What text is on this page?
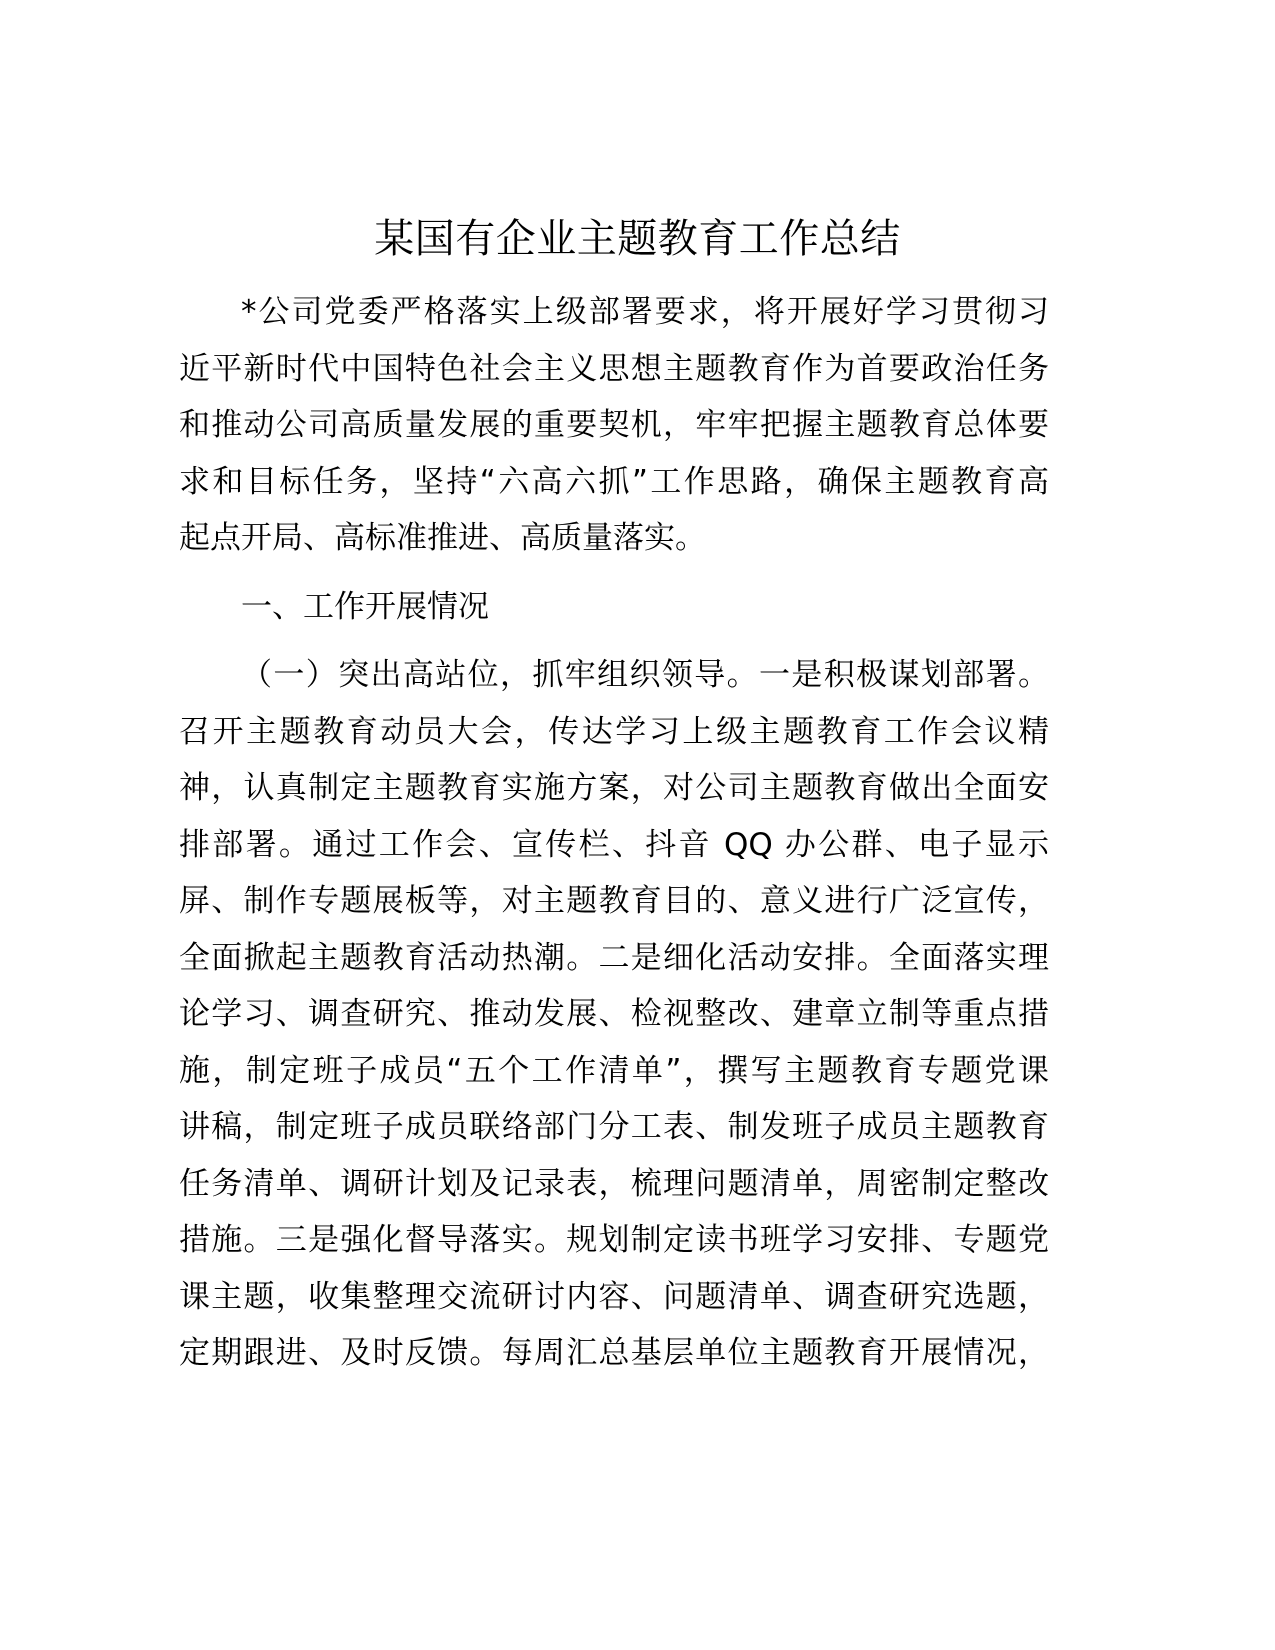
某国有企业主题教育工作总结
*公司党委严格落实上级部署要求，将开展好学习贯彻习
近平新时代中国特色社会主义思想主题教育作为首要政治任务
和推动公司高质量发展的重要契机，牢牢把握主题教育总体要
求和目标任务，坚持“六高六抓”工作思路，确保主题教育高
起点开局、高标准推进、高质量落实。
一、工作开展情况
（一）突出高站位，抓牢组织领导。一是积极谋划部署。
召开主题教育动员大会，传达学习上级主题教育工作会议精
神，认真制定主题教育实施方案，对公司主题教育做出全面安
排部署。通过工作会、宣传栏、抖音 QQ 办公群、电子显示
屏、制作专题展板等，对主题教育目的、意义进行广泛宣传，
全面掀起主题教育活动热潮。二是细化活动安排。全面落实理
论学习、调查研究、推动发展、检视整改、建章立制等重点措
施，制定班子成员“五个工作清单”，撰写主题教育专题党课
讲稿，制定班子成员联络部门分工表、制发班子成员主题教育
任务清单、调研计划及记录表，梳理问题清单，周密制定整改
措施。三是强化督导落实。规划制定读书班学习安排、专题党
课主题，收集整理交流研讨内容、问题清单、调查研究选题，
定期跟进、及时反馈。每周汇总基层单位主题教育开展情况，
